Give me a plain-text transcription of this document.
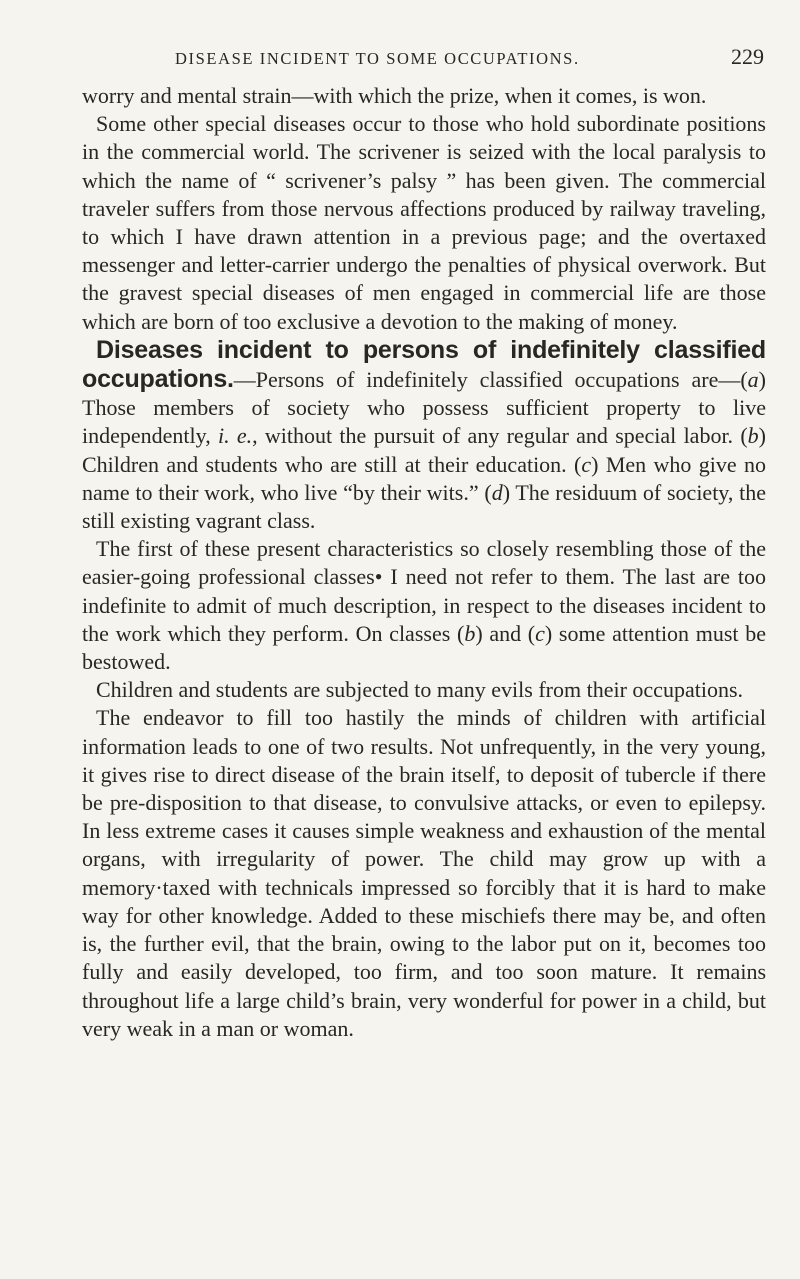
DISEASE INCIDENT TO SOME OCCUPATIONS.	229

worry and mental strain—with which the prize, when it comes, is won.

Some other special diseases occur to those who hold subordinate positions in the commercial world. The scrivener is seized with the local paralysis to which the name of “ scrivener’s palsy ” has been given. The commercial traveler suffers from those nervous affections produced by railway traveling, to which I have drawn attention in a previous page; and the overtaxed messenger and letter-carrier undergo the penalties of physical overwork. But the gravest special diseases of men engaged in commercial life are those which are born of too exclusive a devotion to the making of money.

Diseases incident to persons of indefinitely classified occupations.—Persons of indefinitely classified occupations are—(a) Those members of society who possess sufficient property to live independently, i. e., without the pursuit of any regular and special labor. (b) Children and students who are still at their education. (c) Men who give no name to their work, who live “by their wits.” (d) The residuum of society, the still existing vagrant class.

The first of these present characteristics so closely resembling those of the easier-going professional classes• I need not refer to them. The last are too indefinite to admit of much description, in respect to the diseases incident to the work which they perform. On classes (b) and (c) some attention must be bestowed.

Children and students are subjected to many evils from their occupations.

The endeavor to fill too hastily the minds of children with artificial information leads to one of two results. Not unfrequently, in the very young, it gives rise to direct disease of the brain itself, to deposit of tubercle if there be pre-disposition to that disease, to convulsive attacks, or even to epilepsy. In less extreme cases it causes simple weakness and exhaustion of the mental organs, with irregularity of power. The child may grow up with a memory·taxed with technicals impressed so forcibly that it is hard to make way for other knowledge. Added to these mischiefs there may be, and often is, the further evil, that the brain, owing to the labor put on it, becomes too fully and easily developed, too firm, and too soon mature. It remains throughout life a large child’s brain, very wonderful for power in a child, but very weak in a man or woman.
